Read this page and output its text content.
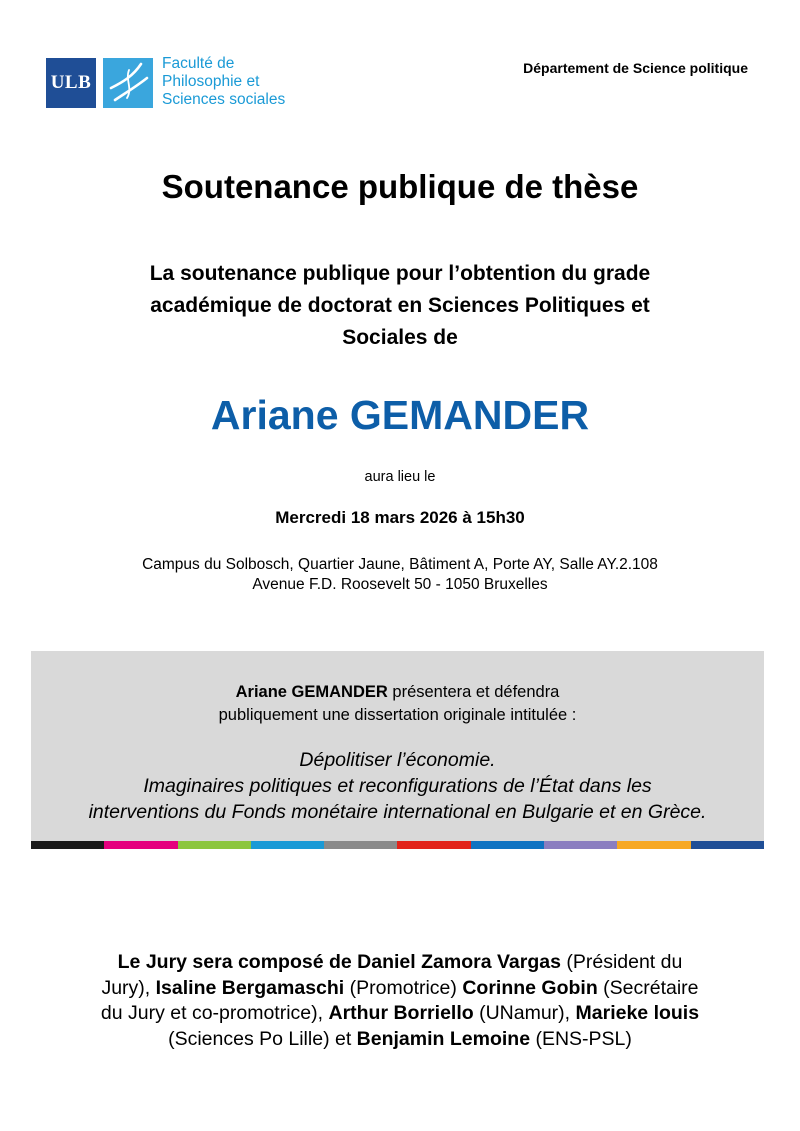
ULB
Faculté de
Philosophie et
Sciences sociales
Département de Science politique
Soutenance publique de thèse

La soutenance publique pour l’obtention du grade
académique de doctorat en Sciences Politiques et
Sociales de

Ariane GEMANDER
aura lieu le
Mercredi 18 mars 2026 à 15h30
Campus du Solbosch, Quartier Jaune, Bâtiment A, Porte AY, Salle AY.2.108
Avenue F.D. Roosevelt 50 - 1050 Bruxelles
Ariane GEMANDER présentera et défendra
publiquement une dissertation originale intitulée :
Dépolitiser l’économie.
Imaginaires politiques et reconfigurations de l’État dans les
interventions du Fonds monétaire international en Bulgarie et en Grèce.
Le Jury sera composé de Daniel Zamora Vargas (Président du
Jury), Isaline Bergamaschi (Promotrice) Corinne Gobin (Secrétaire
du Jury et co-promotrice), Arthur Borriello (UNamur), Marieke louis
(Sciences Po Lille) et Benjamin Lemoine (ENS-PSL)
